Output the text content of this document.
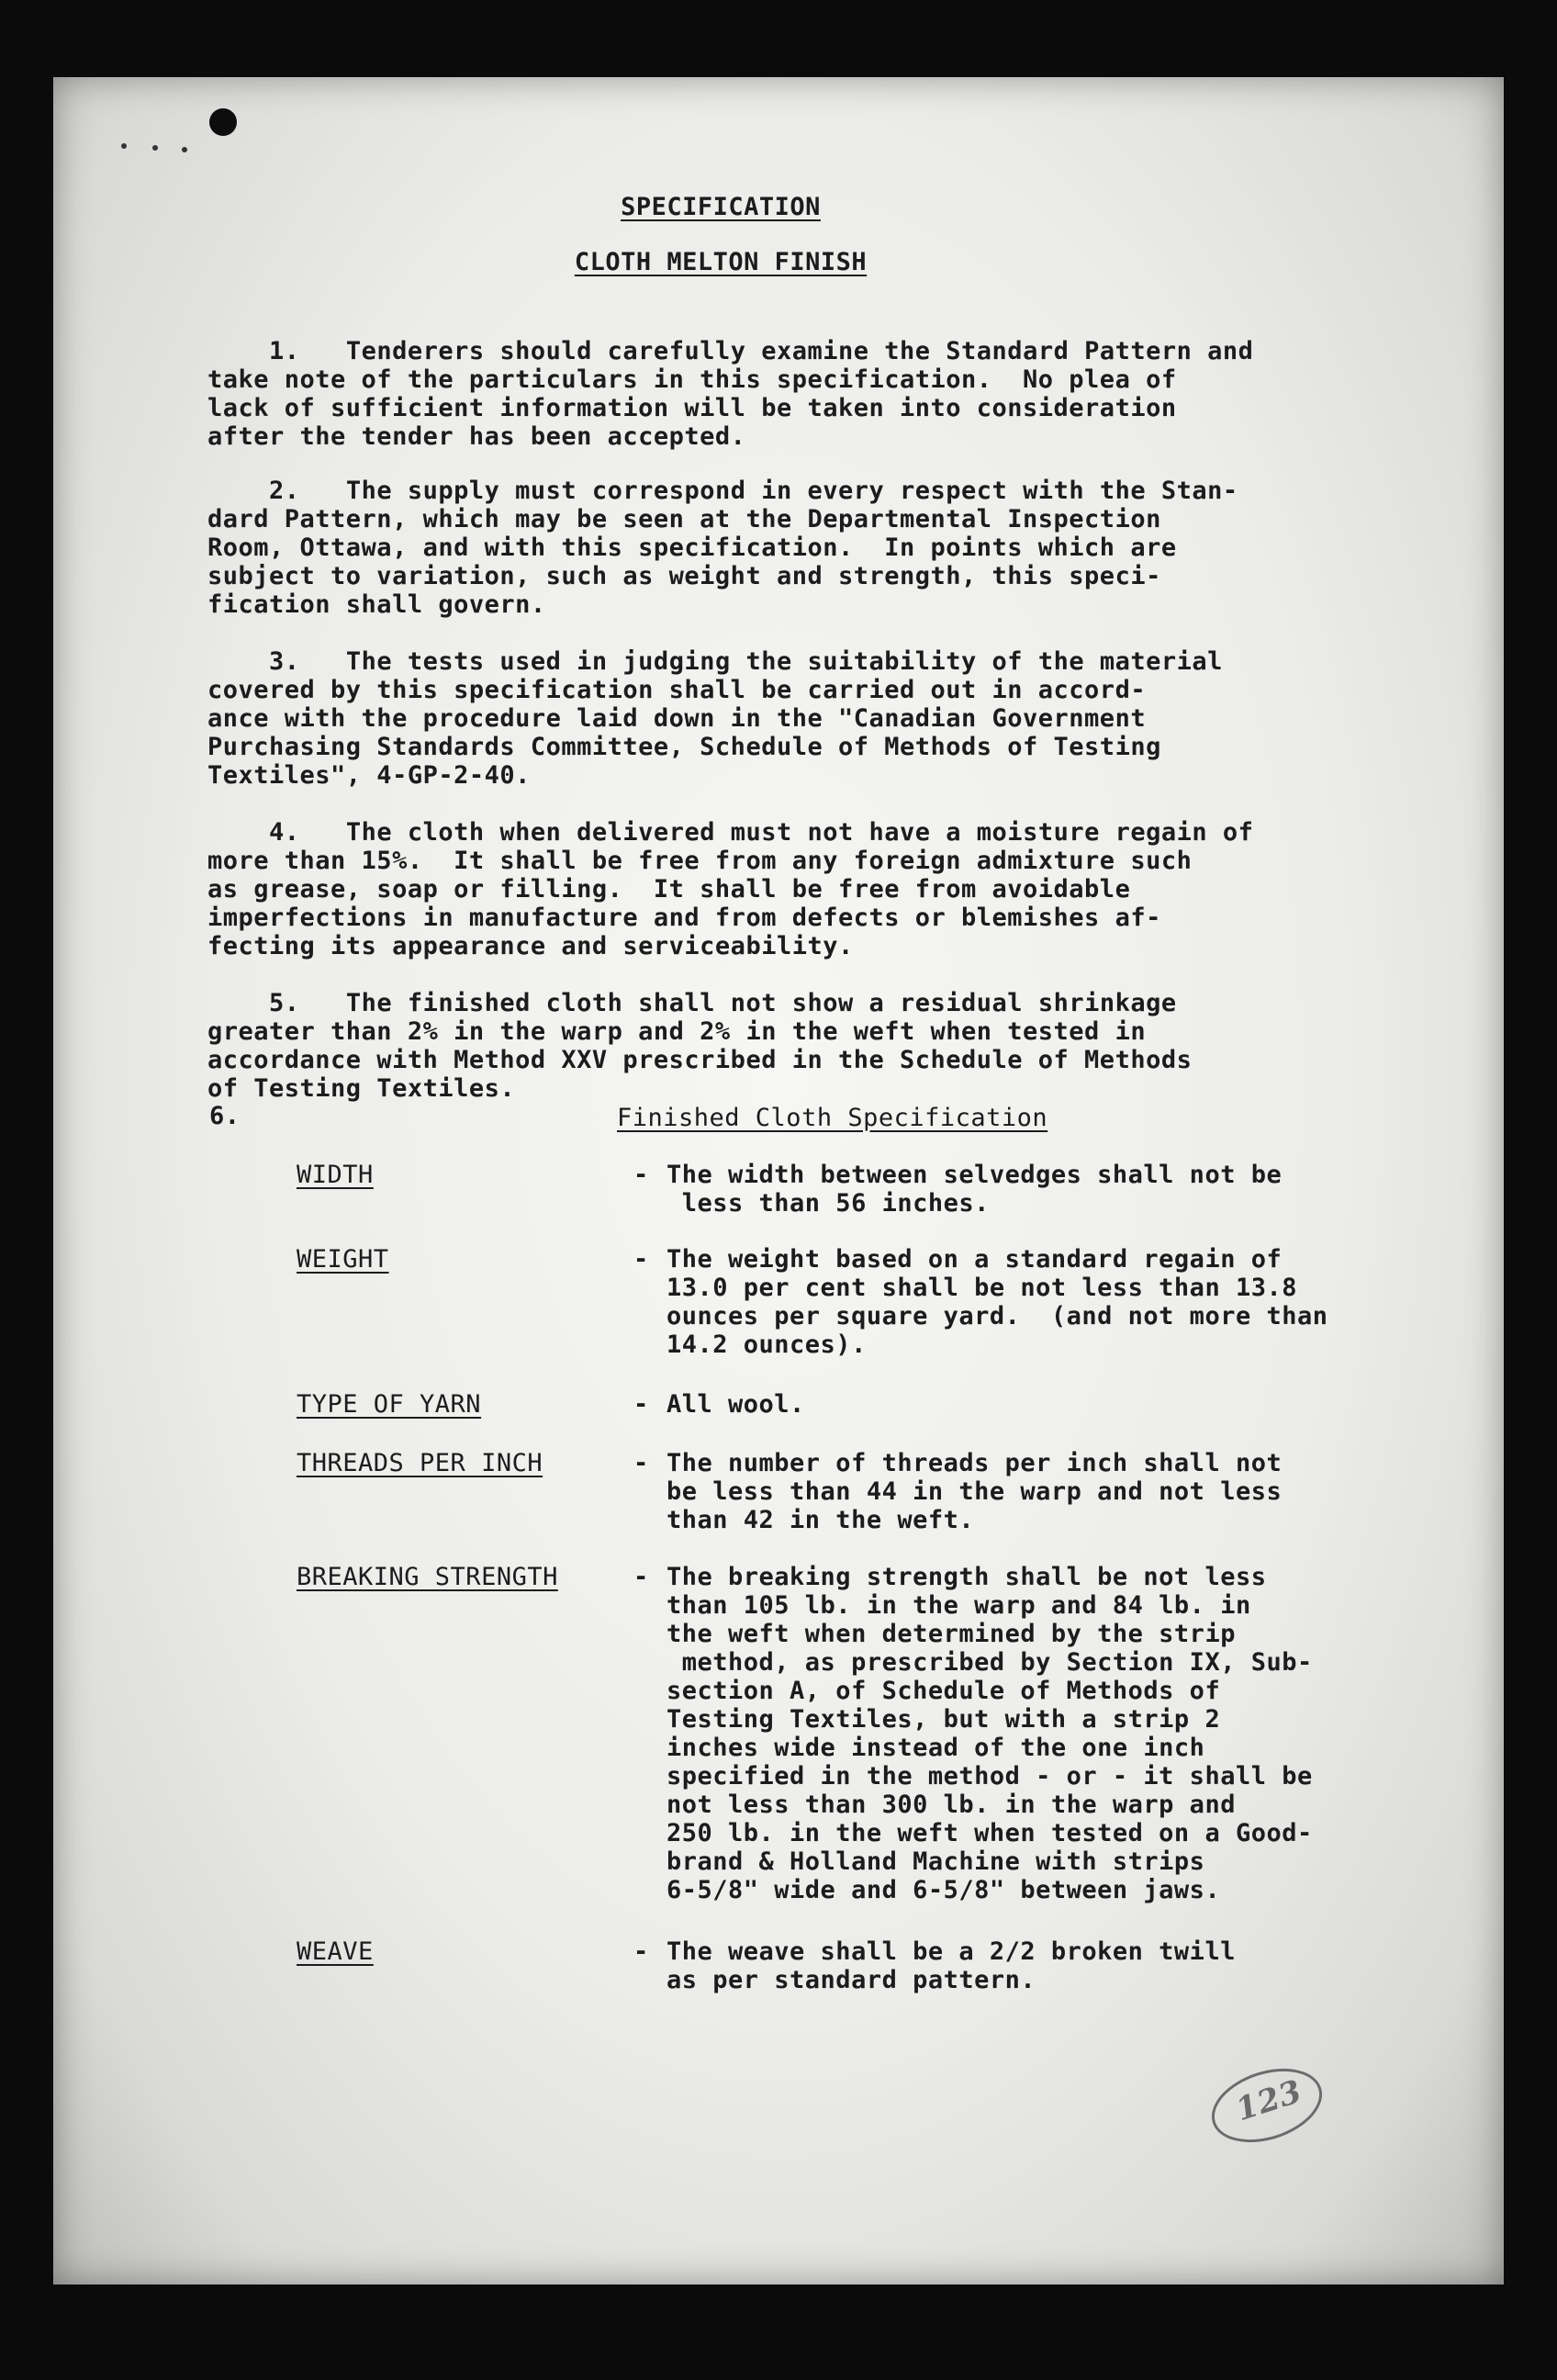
SPECIFICATION
CLOTH MELTON FINISH

1. Tenderers should carefully examine the Standard Pattern and
take note of the particulars in this specification.  No plea of
lack of sufficient information will be taken into consideration
after the tender has been accepted.

2. The supply must correspond in every respect with the Stan-
dard Pattern, which may be seen at the Departmental Inspection
Room, Ottawa, and with this specification.  In points which are
subject to variation, such as weight and strength, this speci-
fication shall govern.

3. The tests used in judging the suitability of the material
covered by this specification shall be carried out in accord-
ance with the procedure laid down in the "Canadian Government
Purchasing Standards Committee, Schedule of Methods of Testing
Textiles", 4-GP-2-40.

4. The cloth when delivered must not have a moisture regain of
more than 15%.  It shall be free from any foreign admixture such
as grease, soap or filling.  It shall be free from avoidable
imperfections in manufacture and from defects or blemishes af-
fecting its appearance and serviceability.

5. The finished cloth shall not show a residual shrinkage
greater than 2% in the warp and 2% in the weft when tested in
accordance with Method XXV prescribed in the Schedule of Methods
of Testing Textiles.

6.	Finished Cloth Specification
WIDTH	- The width between selvedges shall not be
less than 56 inches.
WEIGHT	- The weight based on a standard regain of
13.0 per cent shall be not less than 13.8
ounces per square yard.  (and not more than
14.2 ounces).
TYPE OF YARN	- All wool.
THREADS PER INCH	- The number of threads per inch shall not
be less than 44 in the warp and not less
than 42 in the weft.
BREAKING STRENGTH	- The breaking strength shall be not less
than 105 lb. in the warp and 84 lb. in
the weft when determined by the strip
method, as prescribed by Section IX, Sub-
section A, of Schedule of Methods of
Testing Textiles, but with a strip 2
inches wide instead of the one inch
specified in the method - or - it shall be
not less than 300 lb. in the warp and
250 lb. in the weft when tested on a Good-
brand & Holland Machine with strips
6-5/8" wide and 6-5/8" between jaws.
WEAVE	- The weave shall be a 2/2 broken twill
as per standard pattern.
123
